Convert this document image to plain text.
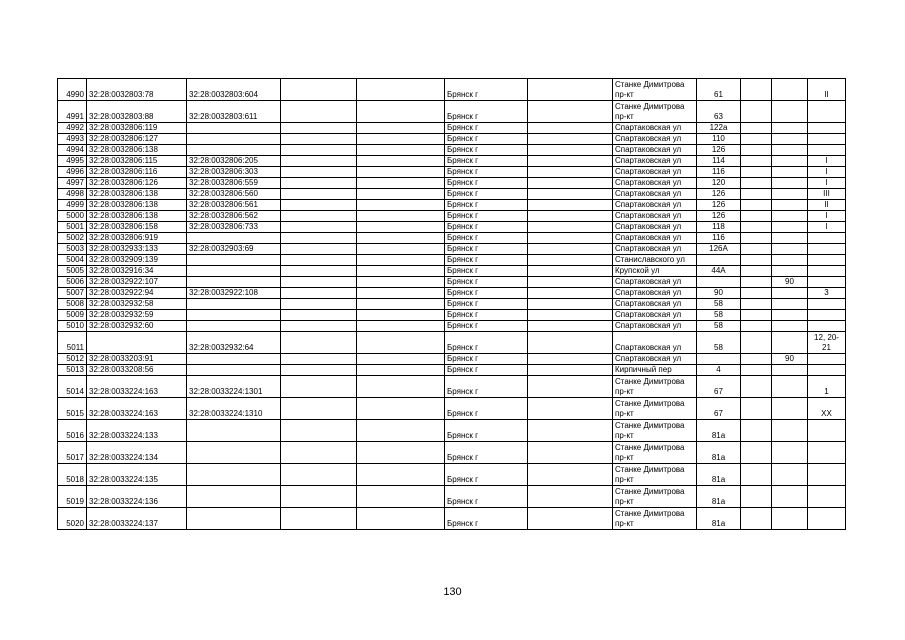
4990	32:28:0032803:78	32:28:0032803:604			Брянск г		Станке Димитрова пр-кт	61			II
4991	32:28:0032803:88	32:28:0032803:611			Брянск г		Станке Димитрова пр-кт	63			
4992	32:28:0032806:119				Брянск г		Спартаковская ул	122а			
4993	32:28:0032806:127				Брянск г		Спартаковская ул	110			
4994	32:28:0032806:138				Брянск г		Спартаковская ул	126			
4995	32:28:0032806:115	32:28:0032806:205			Брянск г		Спартаковская ул	114			I
4996	32:28:0032806:116	32:28:0032806:303			Брянск г		Спартаковская ул	116			I
4997	32:28:0032806:126	32:28:0032806:559			Брянск г		Спартаковская ул	120			I
4998	32:28:0032806:138	32:28:0032806:560			Брянск г		Спартаковская ул	126			III
4999	32:28:0032806:138	32:28:0032806:561			Брянск г		Спартаковская ул	126			II
5000	32:28:0032806:138	32:28:0032806:562			Брянск г		Спартаковская ул	126			I
5001	32:28:0032806:158	32:28:0032806:733			Брянск г		Спартаковская ул	118			I
5002	32:28:0032806:919				Брянск г		Спартаковская ул	116			
5003	32:28:0032933:133	32:28:0032903:69			Брянск г		Спартаковская ул	126А			
5004	32:28:0032909:139				Брянск г		Станиславского ул				
5005	32:28:0032916:34				Брянск г		Крупской ул	44А			
5006	32:28:0032922:107				Брянск г		Спартаковская ул			90	
5007	32:28:0032922:94	32:28:0032922:108			Брянск г		Спартаковская ул	90			3
5008	32:28:0032932:58				Брянск г		Спартаковская ул	58			
5009	32:28:0032932:59				Брянск г		Спартаковская ул	58			
5010	32:28:0032932:60				Брянск г		Спартаковская ул	58			
5011		32:28:0032932:64			Брянск г		Спартаковская ул	58			12, 20-21
5012	32:28:0033203:91				Брянск г		Спартаковская ул			90	
5013	32:28:0033208:56				Брянск г		Кирпичный пер	4			
5014	32:28:0033224:163	32:28:0033224:1301			Брянск г		Станке Димитрова пр-кт	67			1
5015	32:28:0033224:163	32:28:0033224:1310			Брянск г		Станке Димитрова пр-кт	67			XX
5016	32:28:0033224:133				Брянск г		Станке Димитрова пр-кт	81а			
5017	32:28:0033224:134				Брянск г		Станке Димитрова пр-кт	81а			
5018	32:28:0033224:135				Брянск г		Станке Димитрова пр-кт	81а			
5019	32:28:0033224:136				Брянск г		Станке Димитрова пр-кт	81а			
5020	32:28:0033224:137				Брянск г		Станке Димитрова пр-кт	81а			
130
